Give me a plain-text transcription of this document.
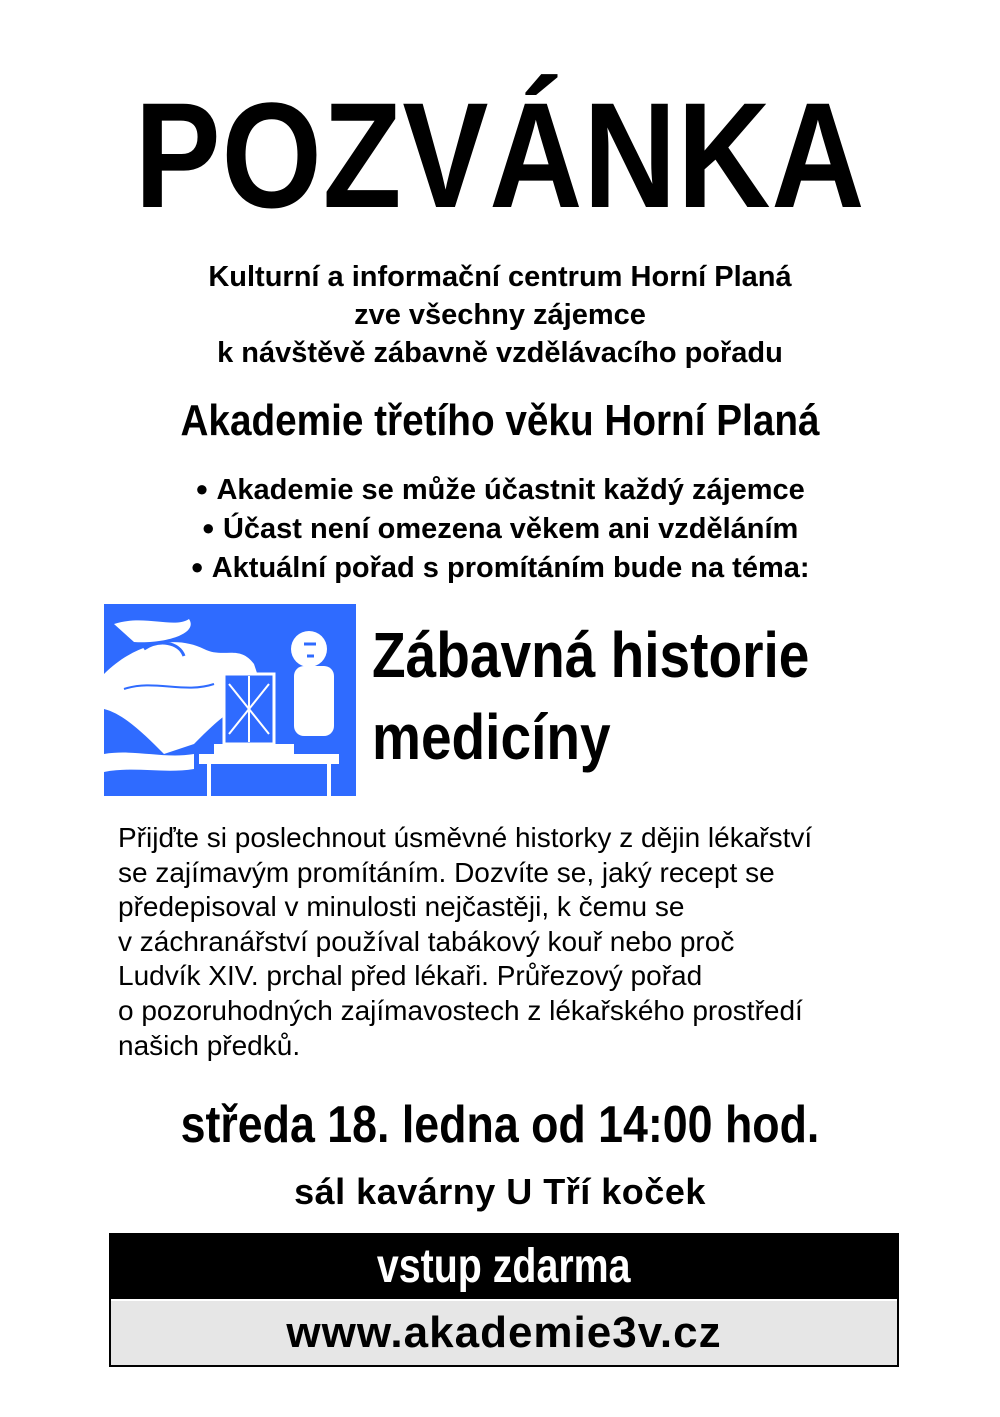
POZVÁNKA
Kulturní a informační centrum Horní Planá
zve všechny zájemce
k návštěvě zábavně vzdělávacího pořadu
Akademie třetího věku Horní Planá
● Akademie se může účastnit každý zájemce
● Účast není omezena věkem ani vzděláním
● Aktuální pořad s promítáním bude na téma:
Zábavná historie
medicíny
Přijďte si poslechnout úsměvné historky z dějin lékařství
se zajímavým promítáním. Dozvíte se, jaký recept se
předepisoval v minulosti nejčastěji, k čemu se
v záchranářství používal tabákový kouř nebo proč
Ludvík XIV. prchal před lékaři. Průřezový pořad
o pozoruhodných zajímavostech z lékařského prostředí
našich předků.
středa 18. ledna od 14:00 hod.
sál kavárny U Tří koček
vstup zdarma
www.akademie3v.cz
